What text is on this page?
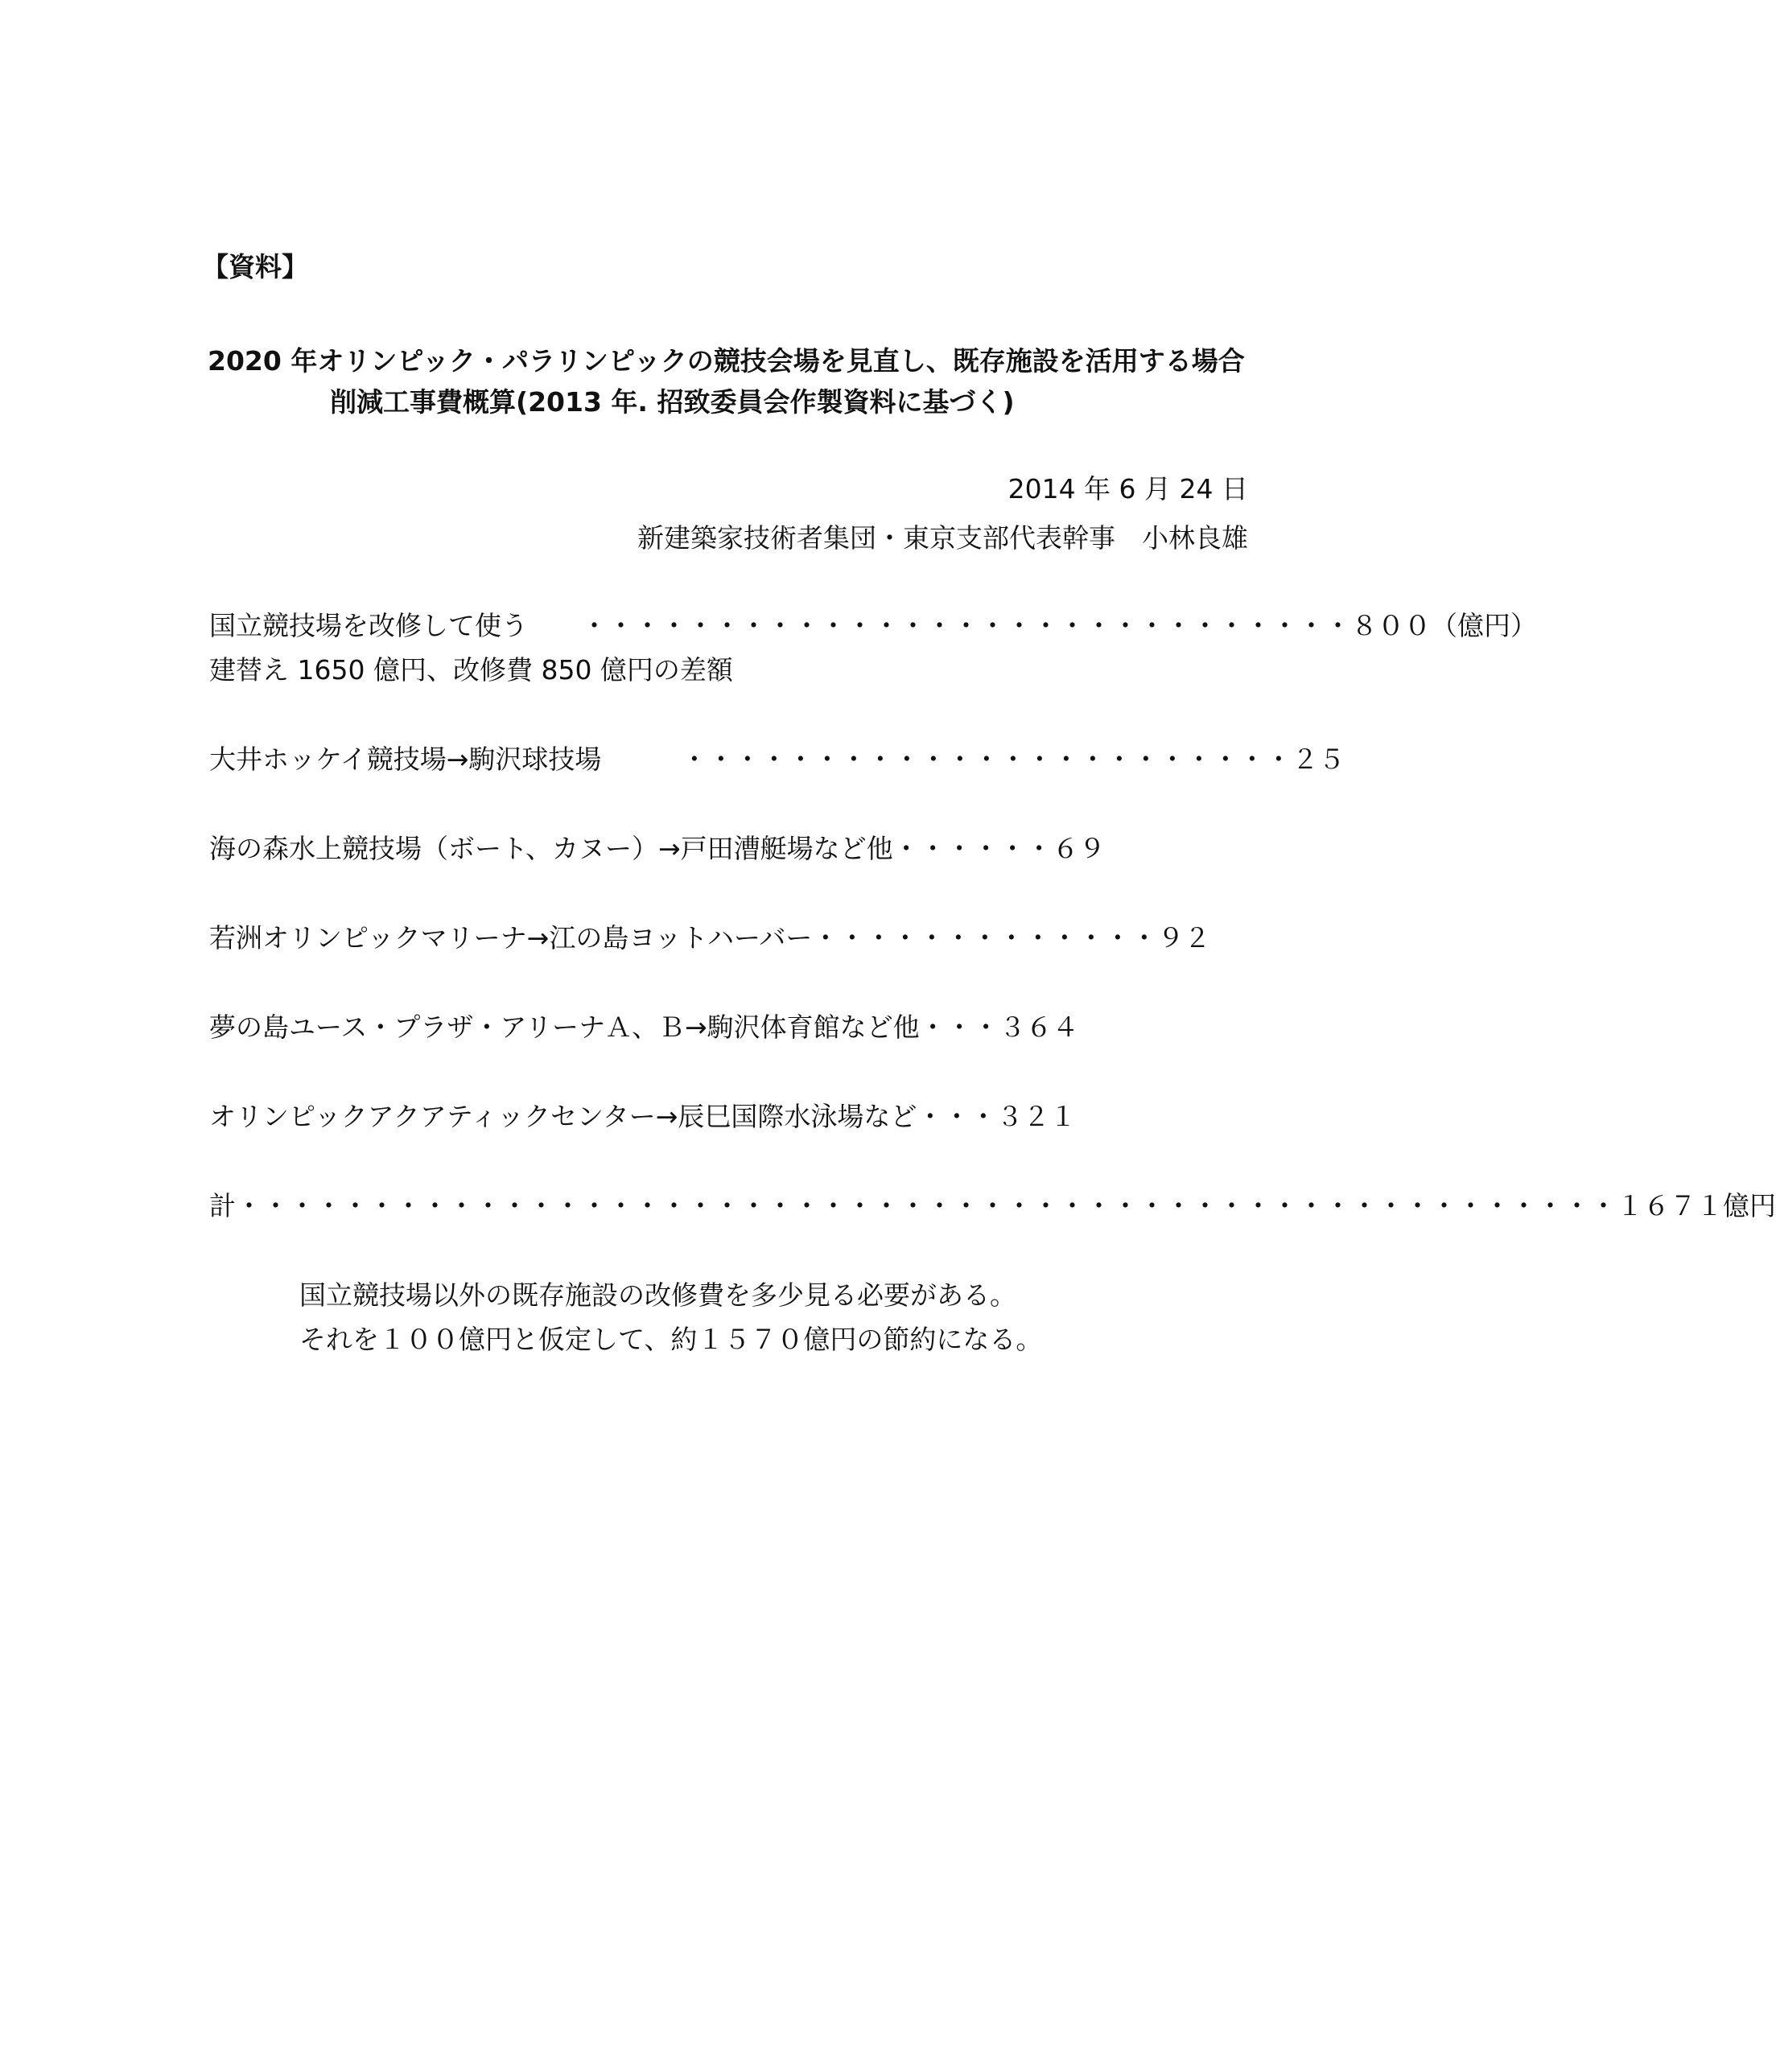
【資料】
2020 年オリンピック・パラリンピックの競技会場を見直し、既存施設を活用する場合
削減工事費概算(2013 年. 招致委員会作製資料に基づく)
2014 年 6 月 24 日
新建築家技術者集団・東京支部代表幹事　小林良雄
国立競技場を改修して使う　　・・・・・・・・・・・・・・・・・・・・・・・・・・・・・８００（億円）
建替え 1650 億円、改修費 850 億円の差額
大井ホッケイ競技場→駒沢球技場　　　・・・・・・・・・・・・・・・・・・・・・・・２５
海の森水上競技場（ボート、カヌー）→戸田漕艇場など他・・・・・・６９
若洲オリンピックマリーナ→江の島ヨットハーバー・・・・・・・・・・・・・９２
夢の島ユース・プラザ・アリーナＡ、Ｂ→駒沢体育館など他・・・３６４
オリンピックアクアティックセンター→辰巳国際水泳場など・・・３２１
計・・・・・・・・・・・・・・・・・・・・・・・・・・・・・・・・・・・・・・・・・・・・・・・・・・・・１６７１億円
国立競技場以外の既存施設の改修費を多少見る必要がある。
それを１００億円と仮定して、約１５７０億円の節約になる。
